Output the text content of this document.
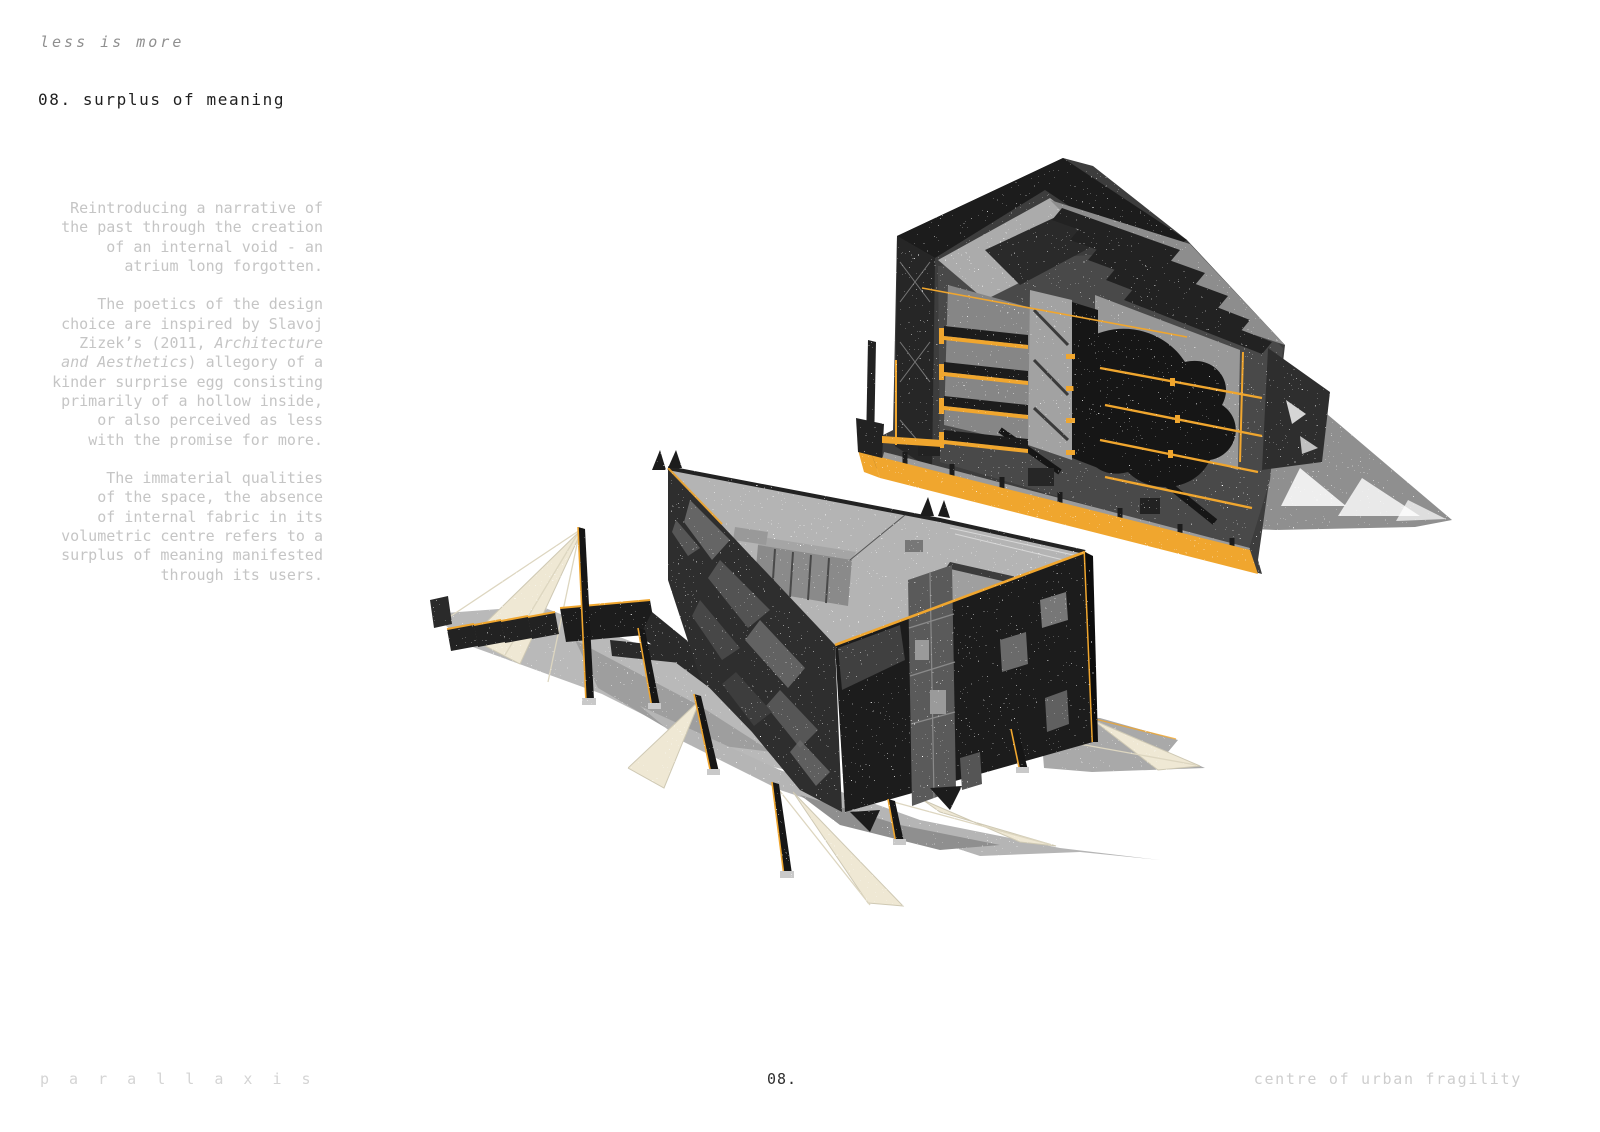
less is more
08. surplus of meaning
Reintroducing a narrative of
the past through the creation
of an internal void - an
atrium long forgotten.
The poetics of the design
choice are inspired by Slavoj
Zizek’s (2011, Architecture
and Aesthetics) allegory of a
kinder surprise egg consisting
primarily of a hollow inside,
or also perceived as less
with the promise for more.
The immaterial qualities
of the space, the absence
of internal fabric in its
volumetric centre refers to a
surplus of meaning manifested
through its users.
p a r a l l a x i s	08.	centre of urban fragility
